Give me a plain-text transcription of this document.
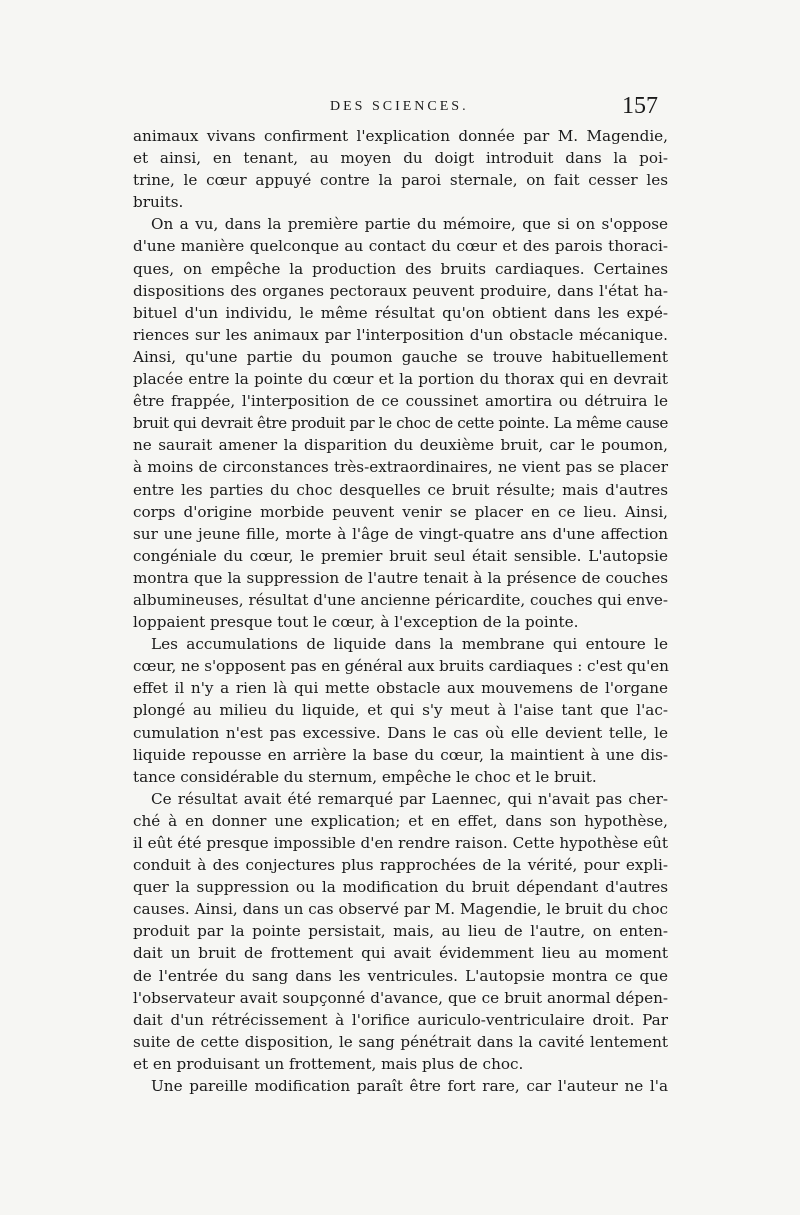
DES SCIENCES.	157
animaux vivans confirment l'explication donnée par M. Magendie,
et ainsi, en tenant, au moyen du doigt introduit dans la poi-
trine, le cœur appuyé contre la paroi sternale, on fait cesser les
bruits.
On a vu, dans la première partie du mémoire, que si on s'oppose
d'une manière quelconque au contact du cœur et des parois thoraci-
ques, on empêche la production des bruits cardiaques. Certaines
dispositions des organes pectoraux peuvent produire, dans l'état ha-
bituel d'un individu, le même résultat qu'on obtient dans les expé-
riences sur les animaux par l'interposition d'un obstacle mécanique.
Ainsi, qu'une partie du poumon gauche se trouve habituellement
placée entre la pointe du cœur et la portion du thorax qui en devrait
être frappée, l'interposition de ce coussinet amortira ou détruira le
bruit qui devrait être produit par le choc de cette pointe. La même cause
ne saurait amener la disparition du deuxième bruit, car le poumon,
à moins de circonstances très-extraordinaires, ne vient pas se placer
entre les parties du choc desquelles ce bruit résulte; mais d'autres
corps d'origine morbide peuvent venir se placer en ce lieu. Ainsi,
sur une jeune fille, morte à l'âge de vingt-quatre ans d'une affection
congéniale du cœur, le premier bruit seul était sensible. L'autopsie
montra que la suppression de l'autre tenait à la présence de couches
albumineuses, résultat d'une ancienne péricardite, couches qui enve-
loppaient presque tout le cœur, à l'exception de la pointe.
Les accumulations de liquide dans la membrane qui entoure le
cœur, ne s'opposent pas en général aux bruits cardiaques : c'est qu'en
effet il n'y a rien là qui mette obstacle aux mouvemens de l'organe
plongé au milieu du liquide, et qui s'y meut à l'aise tant que l'ac-
cumulation n'est pas excessive. Dans le cas où elle devient telle, le
liquide repousse en arrière la base du cœur, la maintient à une dis-
tance considérable du sternum, empêche le choc et le bruit.
Ce résultat avait été remarqué par Laennec, qui n'avait pas cher-
ché à en donner une explication; et en effet, dans son hypothèse,
il eût été presque impossible d'en rendre raison. Cette hypothèse eût
conduit à des conjectures plus rapprochées de la vérité, pour expli-
quer la suppression ou la modification du bruit dépendant d'autres
causes. Ainsi, dans un cas observé par M. Magendie, le bruit du choc
produit par la pointe persistait, mais, au lieu de l'autre, on enten-
dait un bruit de frottement qui avait évidemment lieu au moment
de l'entrée du sang dans les ventricules. L'autopsie montra ce que
l'observateur avait soupçonné d'avance, que ce bruit anormal dépen-
dait d'un rétrécissement à l'orifice auriculo-ventriculaire droit. Par
suite de cette disposition, le sang pénétrait dans la cavité lentement
et en produisant un frottement, mais plus de choc.
Une pareille modification paraît être fort rare, car l'auteur ne l'a
